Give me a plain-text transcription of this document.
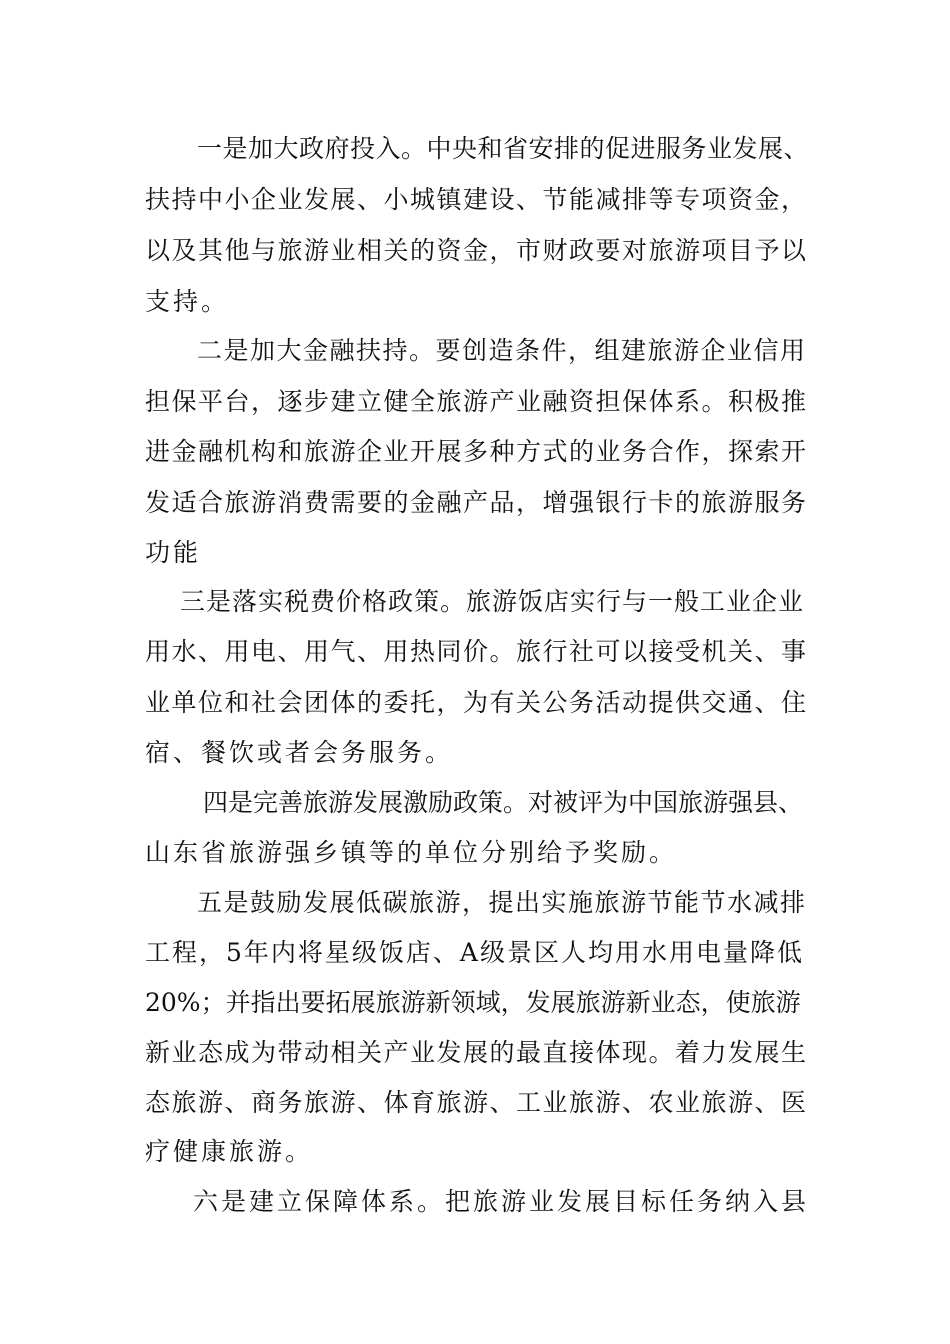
一是加大政府投入。中央和省安排的促进服务业发展、
扶持中小企业发展、小城镇建设、节能减排等专项资金，
以及其他与旅游业相关的资金，市财政要对旅游项目予以
支持。
二是加大金融扶持。要创造条件，组建旅游企业信用
担保平台，逐步建立健全旅游产业融资担保体系。积极推
进金融机构和旅游企业开展多种方式的业务合作，探索开
发适合旅游消费需要的金融产品，增强银行卡的旅游服务
功能
三是落实税费价格政策。旅游饭店实行与一般工业企业
用水、用电、用气、用热同价。旅行社可以接受机关、事
业单位和社会团体的委托，为有关公务活动提供交通、住
宿、餐饮或者会务服务。
四是完善旅游发展激励政策。对被评为中国旅游强县、
山东省旅游强乡镇等的单位分别给予奖励。
五是鼓励发展低碳旅游，提出实施旅游节能节水减排
工程，5年内将星级饭店、A级景区人均用水用电量降低
20%；并指出要拓展旅游新领域，发展旅游新业态，使旅游
新业态成为带动相关产业发展的最直接体现。着力发展生
态旅游、商务旅游、体育旅游、工业旅游、农业旅游、医
疗健康旅游。
六是建立保障体系。把旅游业发展目标任务纳入县
